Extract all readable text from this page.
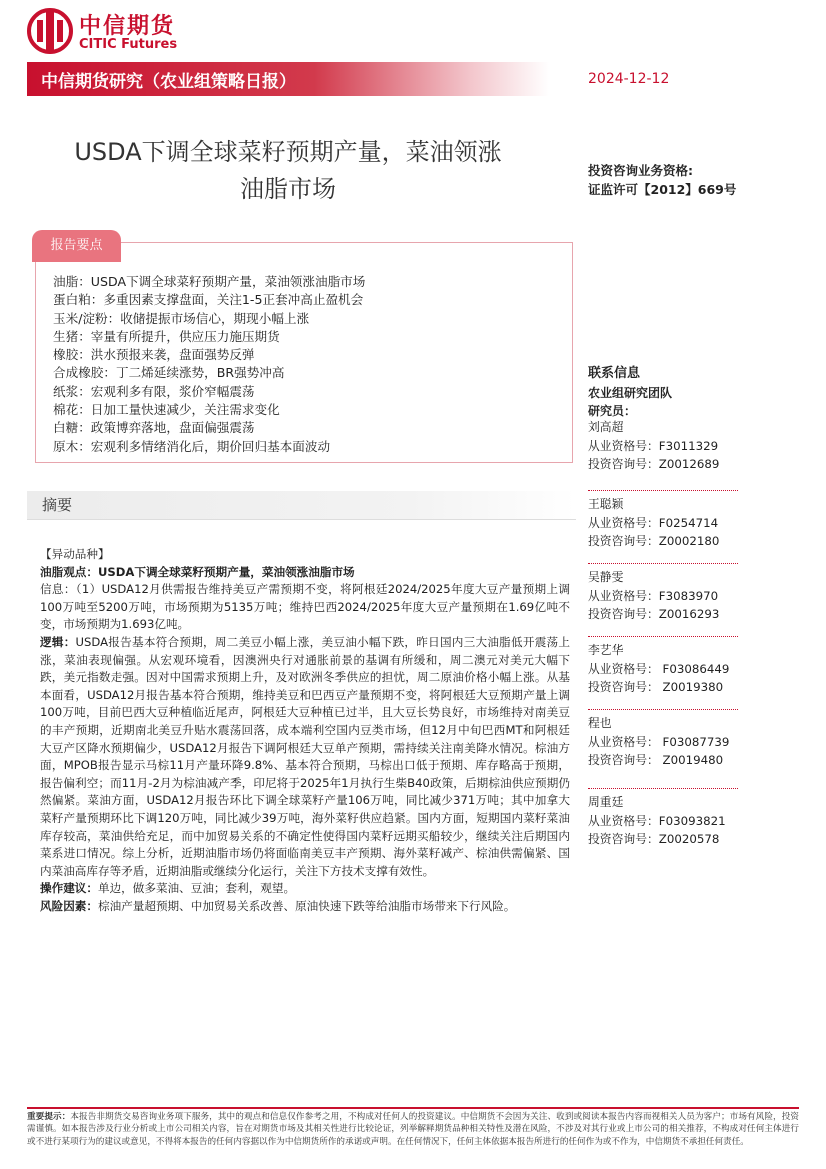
中信期货
CITIC Futures
中信期货研究（农业组策略日报）	2024-12-12
USDA下调全球菜籽预期产量，菜油领涨
油脂市场
投资咨询业务资格:
证监许可【2012】669号
报告要点
油脂：USDA下调全球菜籽预期产量，菜油领涨油脂市场
蛋白粕：多重因素支撑盘面，关注1-5正套冲高止盈机会
玉米/淀粉：收储提振市场信心，期现小幅上涨
生猪：宰量有所提升，供应压力施压期货
橡胶：洪水预报来袭，盘面强势反弹
合成橡胶：丁二烯延续涨势，BR强势冲高
纸浆：宏观利多有限，浆价窄幅震荡
棉花：日加工量快速减少，关注需求变化
白糖：政策博弈落地，盘面偏强震荡
原木：宏观利多情绪消化后，期价回归基本面波动
联系信息
农业组研究团队
研究员：
刘高超
从业资格号：F3011329
投资咨询号：Z0012689
王聪颖
从业资格号：F0254714
投资咨询号：Z0002180
吴静雯
从业资格号：F3083970
投资咨询号：Z0016293
李艺华
从业资格号： F03086449
投资咨询号： Z0019380
程也
从业资格号： F03087739
投资咨询号： Z0019480
周重廷
从业资格号：F03093821
投资咨询号：Z0020578
摘要

【异动品种】

油脂观点：USDA下调全球菜籽预期产量，菜油领涨油脂市场

信息：（1）USDA12月供需报告维持美豆产需预期不变，将阿根廷2024/2025年度大豆产量预期上调100万吨至5200万吨，市场预期为5135万吨；维持巴西2024/2025年度大豆产量预期在1.69亿吨不变，市场预期为1.693亿吨。

逻辑：USDA报告基本符合预期，周二美豆小幅上涨，美豆油小幅下跌，昨日国内三大油脂低开震荡上涨，菜油表现偏强。从宏观环境看，因澳洲央行对通胀前景的基调有所缓和，周二澳元对美元大幅下跌，美元指数走强。因对中国需求预期上升，及对欧洲冬季供应的担忧，周二原油价格小幅上涨。从基本面看，USDA12月报告基本符合预期，维持美豆和巴西豆产量预期不变，将阿根廷大豆预期产量上调100万吨，目前巴西大豆种植临近尾声，阿根廷大豆种植已过半，且大豆长势良好，市场维持对南美豆的丰产预期，近期南北美豆升贴水震荡回落，成本端利空国内豆类市场，但12月中旬巴西MT和阿根廷大豆产区降水预期偏少，USDA12月报告下调阿根廷大豆单产预期，需持续关注南美降水情况。棕油方面，MPOB报告显示马棕11月产量环降9.8%、基本符合预期，马棕出口低于预期、库存略高于预期，报告偏利空；而11月-2月为棕油减产季，印尼将于2025年1月执行生柴B40政策，后期棕油供应预期仍然偏紧。菜油方面，USDA12月报告环比下调全球菜籽产量106万吨，同比减少371万吨；其中加拿大菜籽产量预期环比下调120万吨，同比减少39万吨，海外菜籽供应趋紧。国内方面，短期国内菜籽菜油库存较高，菜油供给充足，而中加贸易关系的不确定性使得国内菜籽远期买船较少，继续关注后期国内菜系进口情况。综上分析，近期油脂市场仍将面临南美豆丰产预期、海外菜籽减产、棕油供需偏紧、国内菜油高库存等矛盾，近期油脂或继续分化运行，关注下方技术支撑有效性。

操作建议：单边，做多菜油、豆油；套利，观望。

风险因素：棕油产量超预期、中加贸易关系改善、原油快速下跌等给油脂市场带来下行风险。

重要提示：本报告非期货交易咨询业务项下服务，其中的观点和信息仅作参考之用，不构成对任何人的投资建议。中信期货不会因为关注、收到或阅读本报告内容而视相关人员为客户；市场有风险，投资需谨慎。如本报告涉及行业分析或上市公司相关内容，旨在对期货市场及其相关性进行比较论证，列举解释期货品种相关特性及潜在风险，不涉及对其行业或上市公司的相关推荐，不构成对任何主体进行或不进行某项行为的建议或意见，不得将本报告的任何内容据以作为中信期货所作的承诺或声明。在任何情况下，任何主体依据本报告所进行的任何作为或不作为，中信期货不承担任何责任。
